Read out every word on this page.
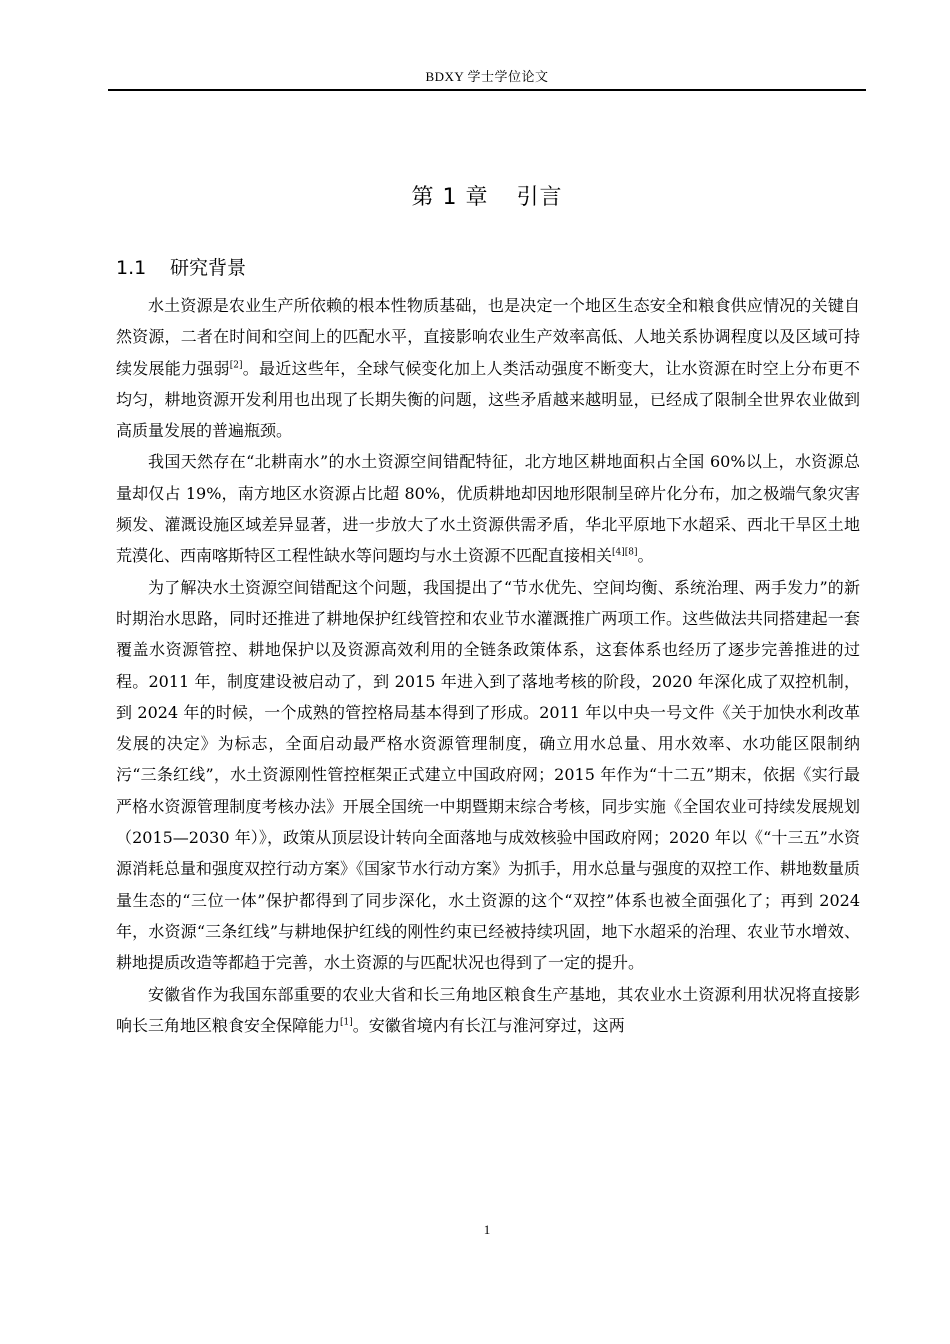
BDXY 学士学位论文
第 1 章 引言
1.1 研究背景

水土资源是农业生产所依赖的根本性物质基础，也是决定一个地区生态安全和粮食供应情况的关键自然资源，二者在时间和空间上的匹配水平，直接影响农业生产效率高低、人地关系协调程度以及区域可持续发展能力强弱[2]。最近这些年，全球气候变化加上人类活动强度不断变大，让水资源在时空上分布更不均匀，耕地资源开发利用也出现了长期失衡的问题，这些矛盾越来越明显，已经成了限制全世界农业做到高质量发展的普遍瓶颈。

我国天然存在“北耕南水”的水土资源空间错配特征，北方地区耕地面积占全国 60%以上，水资源总量却仅占 19%，南方地区水资源占比超 80%，优质耕地却因地形限制呈碎片化分布，加之极端气象灾害频发、灌溉设施区域差异显著，进一步放大了水土资源供需矛盾，华北平原地下水超采、西北干旱区土地荒漠化、西南喀斯特区工程性缺水等问题均与水土资源不匹配直接相关[4][8]。

为了解决水土资源空间错配这个问题，我国提出了“节水优先、空间均衡、系统治理、两手发力”的新时期治水思路，同时还推进了耕地保护红线管控和农业节水灌溉推广两项工作。这些做法共同搭建起一套覆盖水资源管控、耕地保护以及资源高效利用的全链条政策体系，这套体系也经历了逐步完善推进的过程。2011 年，制度建设被启动了，到 2015 年进入到了落地考核的阶段，2020 年深化成了双控机制，到 2024 年的时候，一个成熟的管控格局基本得到了形成。2011 年以中央一号文件《关于加快水利改革发展的决定》为标志，全面启动最严格水资源管理制度，确立用水总量、用水效率、水功能区限制纳污“三条红线”，水土资源刚性管控框架正式建立中国政府网；2015 年作为“十二五”期末，依据《实行最严格水资源管理制度考核办法》开展全国统一中期暨期末综合考核，同步实施《全国农业可持续发展规划（2015—2030 年）》，政策从顶层设计转向全面落地与成效核验中国政府网；2020 年以《“十三五”水资源消耗总量和强度双控行动方案》《国家节水行动方案》为抓手，用水总量与强度的双控工作、耕地数量质量生态的“三位一体”保护都得到了同步深化，水土资源的这个“双控”体系也被全面强化了；再到 2024 年，水资源“三条红线”与耕地保护红线的刚性约束已经被持续巩固，地下水超采的治理、农业节水增效、耕地提质改造等都趋于完善，水土资源的与匹配状况也得到了一定的提升。

安徽省作为我国东部重要的农业大省和长三角地区粮食生产基地，其农业水土资源利用状况将直接影响长三角地区粮食安全保障能力[1]。安徽省境内有长江与淮河穿过，这两

1
